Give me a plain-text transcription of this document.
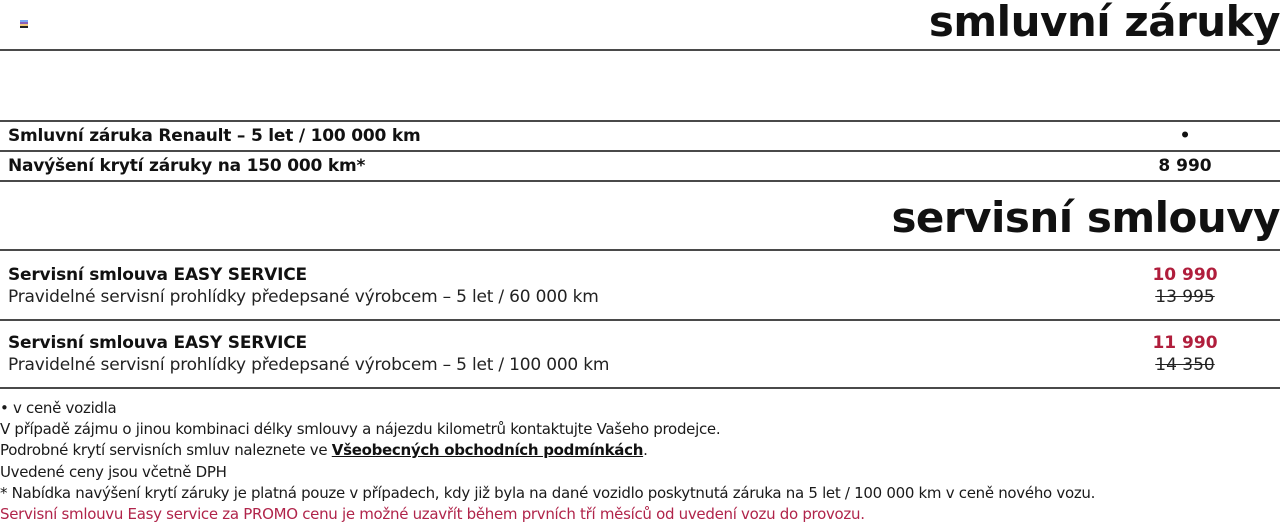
smluvní záruky
Smluvní záruka Renault – 5 let / 100 000 km	•
Navýšení krytí záruky na 150 000 km*	8 990
servisní smlouvy
Servisní smlouva EASY SERVICE
Pravidelné servisní prohlídky předepsané výrobcem – 5 let / 60 000 km
10 990
13 995
Servisní smlouva EASY SERVICE
Pravidelné servisní prohlídky předepsané výrobcem – 5 let / 100 000 km
11 990
14 350
• v ceně vozidla
V případě zájmu o jinou kombinaci délky smlouvy a nájezdu kilometrů kontaktujte Vašeho prodejce.
Podrobné krytí servisních smluv naleznete ve Všeobecných obchodních podmínkách.
Uvedené ceny jsou včetně DPH
* Nabídka navýšení krytí záruky je platná pouze v případech, kdy již byla na dané vozidlo poskytnutá záruka na 5 let / 100 000 km v ceně nového vozu.
Servisní smlouvu Easy service za PROMO cenu je možné uzavřít během prvních tří měsíců od uvedení vozu do provozu.
